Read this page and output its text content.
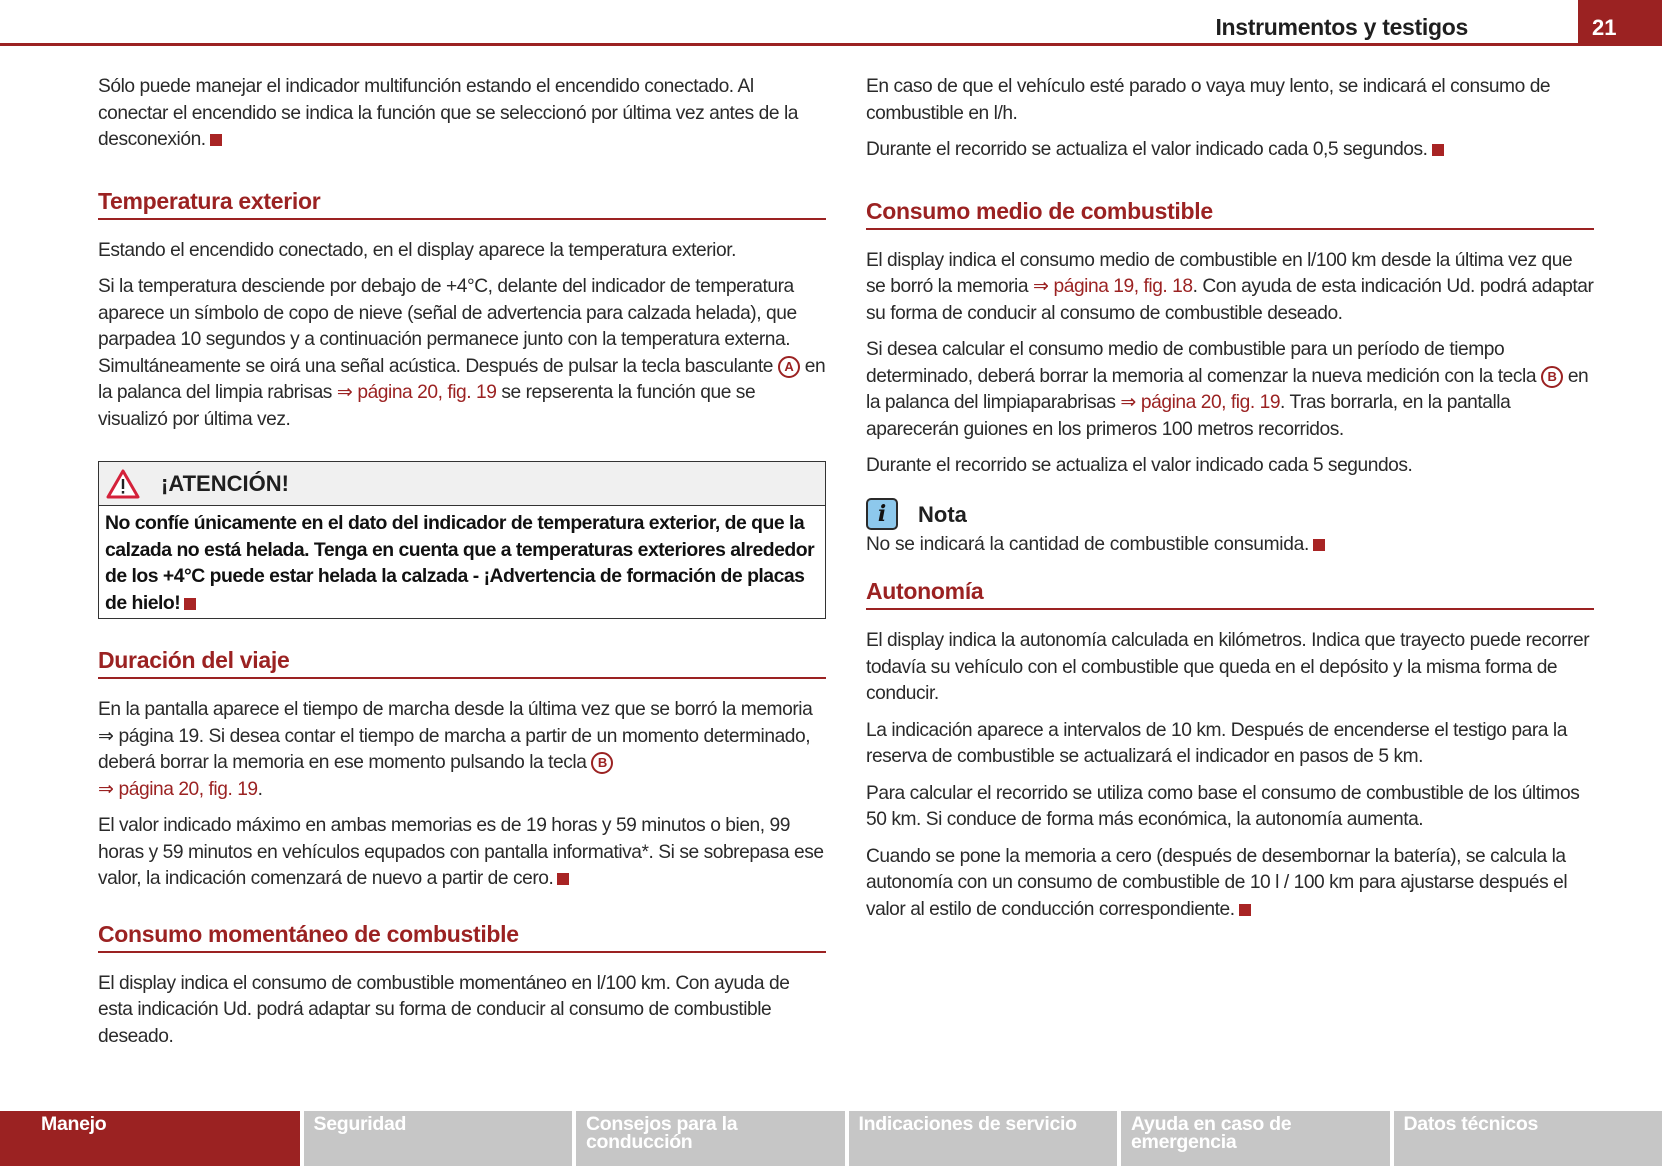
Instrumentos y testigos	21

Sólo puede manejar el indicador multifunción estando el encendido conectado. Al conectar el encendido se indica la función que se seleccionó por última vez antes de la desconexión.

Temperatura exterior

Estando el encendido conectado, en el display aparece la temperatura exterior.

Si la temperatura desciende por debajo de +4°C, delante del indicador de temperatura aparece un símbolo de copo de nieve (señal de advertencia para calzada helada), que parpadea 10 segundos y a continuación permanece junto con la temperatura externa. Simultáneamente se oirá una señal acústica. Después de pulsar la tecla basculante A en la palanca del limpia rabrisas ⇒ página 20, fig. 19 se repserenta la función que se visualizó por última vez.

¡ATENCIÓN!
No confíe únicamente en el dato del indicador de temperatura exterior, de que la calzada no está helada. Tenga en cuenta que a temperaturas exteriores alrededor de los +4°C puede estar helada la calzada - ¡Advertencia de formación de placas de hielo!
Duración del viaje

En la pantalla aparece el tiempo de marcha desde la última vez que se borró la memoria ⇒ página 19. Si desea contar el tiempo de marcha a partir de un momento determinado, deberá borrar la memoria en ese momento pulsando la tecla B
⇒ página 20, fig. 19.

El valor indicado máximo en ambas memorias es de 19 horas y 59 minutos o bien, 99 horas y 59 minutos en vehículos equpados con pantalla informativa*. Si se sobrepasa ese valor, la indicación comenzará de nuevo a partir de cero.

Consumo momentáneo de combustible

El display indica el consumo de combustible momentáneo en l/100 km. Con ayuda de esta indicación Ud. podrá adaptar su forma de conducir al consumo de combustible deseado.

En caso de que el vehículo esté parado o vaya muy lento, se indicará el consumo de combustible en l/h.

Durante el recorrido se actualiza el valor indicado cada 0,5 segundos.

Consumo medio de combustible

El display indica el consumo medio de combustible en l/100 km desde la última vez que se borró la memoria ⇒ página 19, fig. 18. Con ayuda de esta indicación Ud. podrá adaptar su forma de conducir al consumo de combustible deseado.

Si desea calcular el consumo medio de combustible para un período de tiempo determinado, deberá borrar la memoria al comenzar la nueva medición con la tecla B en la palanca del limpiaparabrisas ⇒ página 20, fig. 19. Tras borrarla, en la pantalla aparecerán guiones en los primeros 100 metros recorridos.

Durante el recorrido se actualiza el valor indicado cada 5 segundos.

i	Nota

No se indicará la cantidad de combustible consumida.

Autonomía

El display indica la autonomía calculada en kilómetros. Indica que trayecto puede recorrer todavía su vehículo con el combustible que queda en el depósito y la misma forma de conducir.

La indicación aparece a intervalos de 10 km. Después de encenderse el testigo para la reserva de combustible se actualizará el indicador en pasos de 5 km.

Para calcular el recorrido se utiliza como base el consumo de combustible de los últimos 50 km. Si conduce de forma más económica, la autonomía aumenta.

Cuando se pone la memoria a cero (después de desembornar la batería), se calcula la autonomía con un consumo de combustible de 10 l / 100 km para ajustarse después el valor al estilo de conducción correspondiente.

Manejo	Seguridad	Consejos para la conducción
Indicaciones de servicio	Ayuda en caso de emergencia
Datos técnicos
